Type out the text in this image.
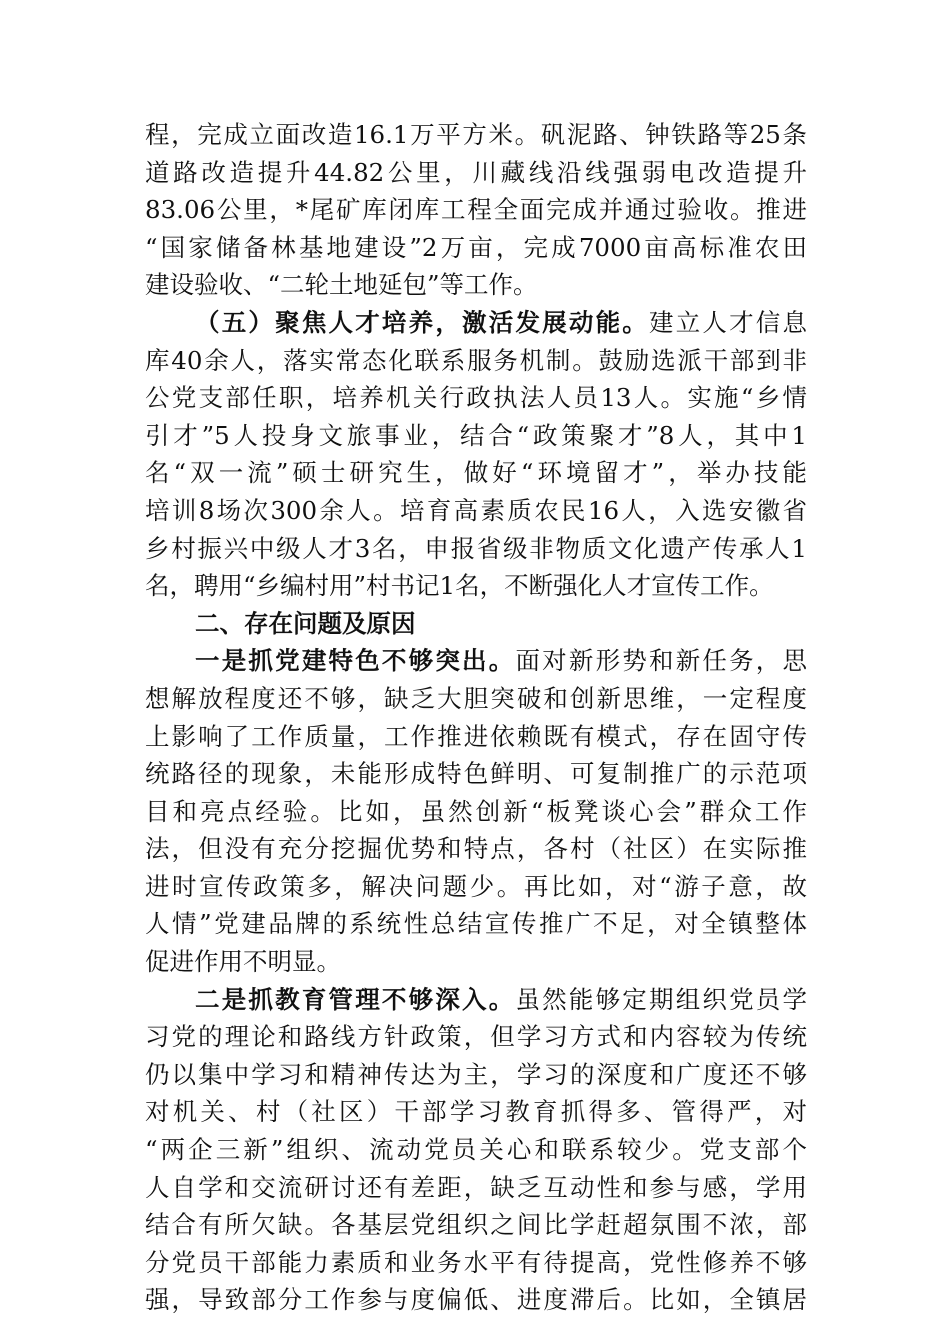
程，完成立面改造16.1万平方米。矾泥路、钟铁路等25条
道路改造提升44.82公里，川藏线沿线强弱电改造提升
83.06公里，*尾矿库闭库工程全面完成并通过验收。推进
“国家储备林基地建设”2万亩，完成7000亩高标准农田
建设验收、“二轮土地延包”等工作。
（五）聚焦人才培养，激活发展动能。建立人才信息
库40余人，落实常态化联系服务机制。鼓励选派干部到非
公党支部任职，培养机关行政执法人员13人。实施“乡情
引才”5人投身文旅事业，结合“政策聚才”8人，其中1
名“双一流”硕士研究生，做好“环境留才”，举办技能
培训8场次300余人。培育高素质农民16人，入选安徽省
乡村振兴中级人才3名，申报省级非物质文化遗产传承人1
名，聘用“乡编村用”村书记1名，不断强化人才宣传工作。
二、存在问题及原因
一是抓党建特色不够突出。面对新形势和新任务，思
想解放程度还不够，缺乏大胆突破和创新思维，一定程度
上影响了工作质量，工作推进依赖既有模式，存在固守传
统路径的现象，未能形成特色鲜明、可复制推广的示范项
目和亮点经验。比如，虽然创新“板凳谈心会”群众工作
法，但没有充分挖掘优势和特点，各村（社区）在实际推
进时宣传政策多，解决问题少。再比如，对“游子意，故
人情”党建品牌的系统性总结宣传推广不足，对全镇整体
促进作用不明显。
二是抓教育管理不够深入。虽然能够定期组织党员学
习党的理论和路线方针政策，但学习方式和内容较为传统
仍以集中学习和精神传达为主，学习的深度和广度还不够
对机关、村（社区）干部学习教育抓得多、管得严，对
“两企三新”组织、流动党员关心和联系较少。党支部个
人自学和交流研讨还有差距，缺乏互动性和参与感，学用
结合有所欠缺。各基层党组织之间比学赶超氛围不浓，部
分党员干部能力素质和业务水平有待提高，党性修养不够
强，导致部分工作参与度偏低、进度滞后。比如，全镇居
